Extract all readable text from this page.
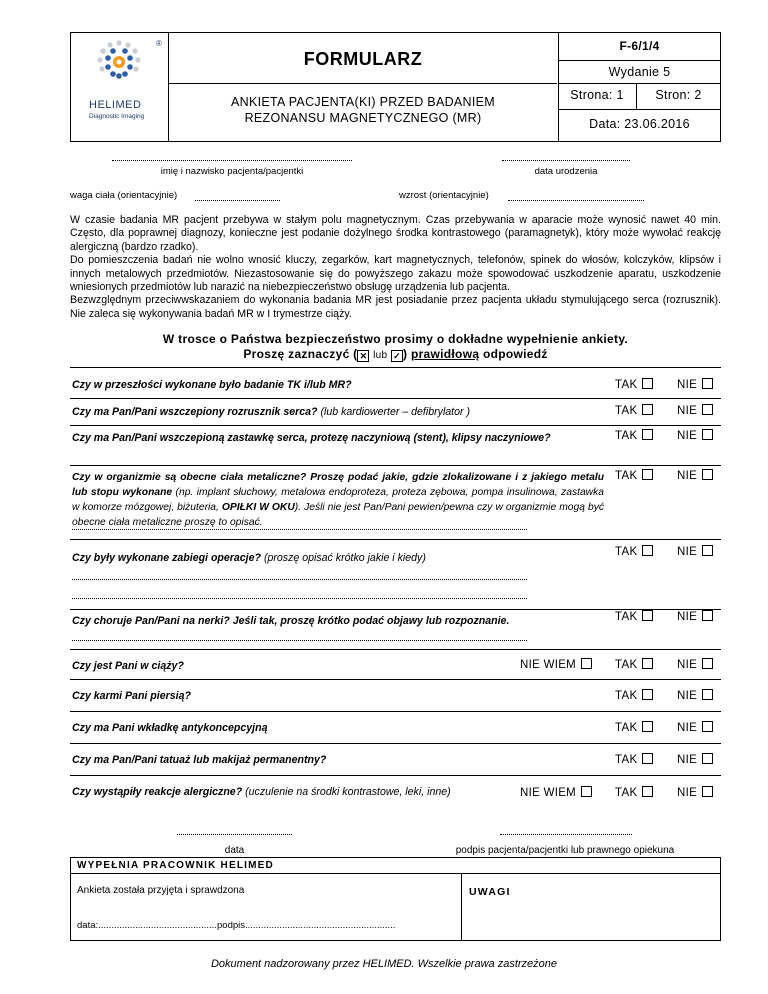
HELIMED
Diagnostic Imaging
®
FORMULARZ
ANKIETA PACJENTA(KI) PRZED BADANIEM
REZONANSU MAGNETYCZNEGO (MR)
F-6/1/4
Wydanie 5
Strona: 1	Stron: 2
Data: 23.06.2016
imię i nazwisko pacjenta/pacjentki	data urodzenia
waga ciała (orientacyjnie)	wzrost (orientacyjnie)

W czasie badania MR pacjent przebywa w stałym polu magnetycznym. Czas przebywania w aparacie może wynosić nawet 40 min. Często, dla poprawnej diagnozy, konieczne jest podanie dożylnego środka kontrastowego (paramagnetyk), który może wywołać reakcję alergiczną (bardzo rzadko).

Do pomieszczenia badań nie wolno wnosić kluczy, zegarków, kart magnetycznych, telefonów, spinek do włosów, kolczyków, klipsów i innych metalowych przedmiotów. Niezastosowanie się do powyższego zakazu może spowodować uszkodzenie aparatu, uszkodzenie wniesionych przedmiotów lub narazić na niebezpieczeństwo obsługę urządzenia lub pacjenta.

Bezwzględnym przeciwwskazaniem do wykonania badania MR jest posiadanie przez pacjenta układu stymulującego serca (rozrusznik). Nie zaleca się wykonywania badań MR w I trymestrze ciąży.

W trosce o Państwa bezpieczeństwo prosimy o dokładne wypełnienie ankiety.
Proszę zaznaczyć ( ✕ lub ✓ ) prawidłową odpowiedź
Czy w przeszłości wykonane było badanie TK i/lub MR?	TAK	NIE
Czy ma Pan/Pani wszczepiony rozrusznik serca? (lub kardiowerter – defibrylator )	TAK	NIE
Czy ma Pan/Pani wszczepioną zastawkę serca, protezę naczyniową (stent), klipsy naczyniowe?	TAK	NIE
Czy w organizmie są obecne ciała metaliczne? Proszę podać jakie, gdzie zlokalizowane i z jakiego metalu lub stopu wykonane (np. implant słuchowy, metalowa endoproteza, proteza zębowa, pompa insulinowa, zastawka w komorze mózgowej, biżuteria, OPIŁKI W OKU). Jeśli nie jest Pan/Pani pewien/pewna czy w organizmie mogą być obecne ciała metaliczne proszę to opisać.
TAK	NIE
Czy były wykonane zabiegi operacje? (proszę opisać krótko jakie i kiedy)	TAK	NIE
Czy choruje Pan/Pani na nerki? Jeśli tak, proszę krótko podać objawy lub rozpoznanie.	TAK	NIE
Czy jest Pani w ciąży?	NIE WIEM	TAK	NIE
Czy karmi Pani piersią?	TAK	NIE
Czy ma Pani wkładkę antykoncepcyjną	TAK	NIE
Czy ma Pan/Pani tatuaż lub makijaż permanentny?	TAK	NIE
Czy wystąpiły reakcje alergiczne? (uczulenie na środki kontrastowe, leki, inne)	NIE WIEM	TAK	NIE
data	podpis pacjenta/pacjentki lub prawnego opiekuna
WYPEŁNIA PRACOWNIK HELIMED
Ankieta została przyjęta i sprawdzona
data:............................................. podpis.........................................................
UWAGI
Dokument nadzorowany przez HELIMED. Wszelkie prawa zastrzeżone
